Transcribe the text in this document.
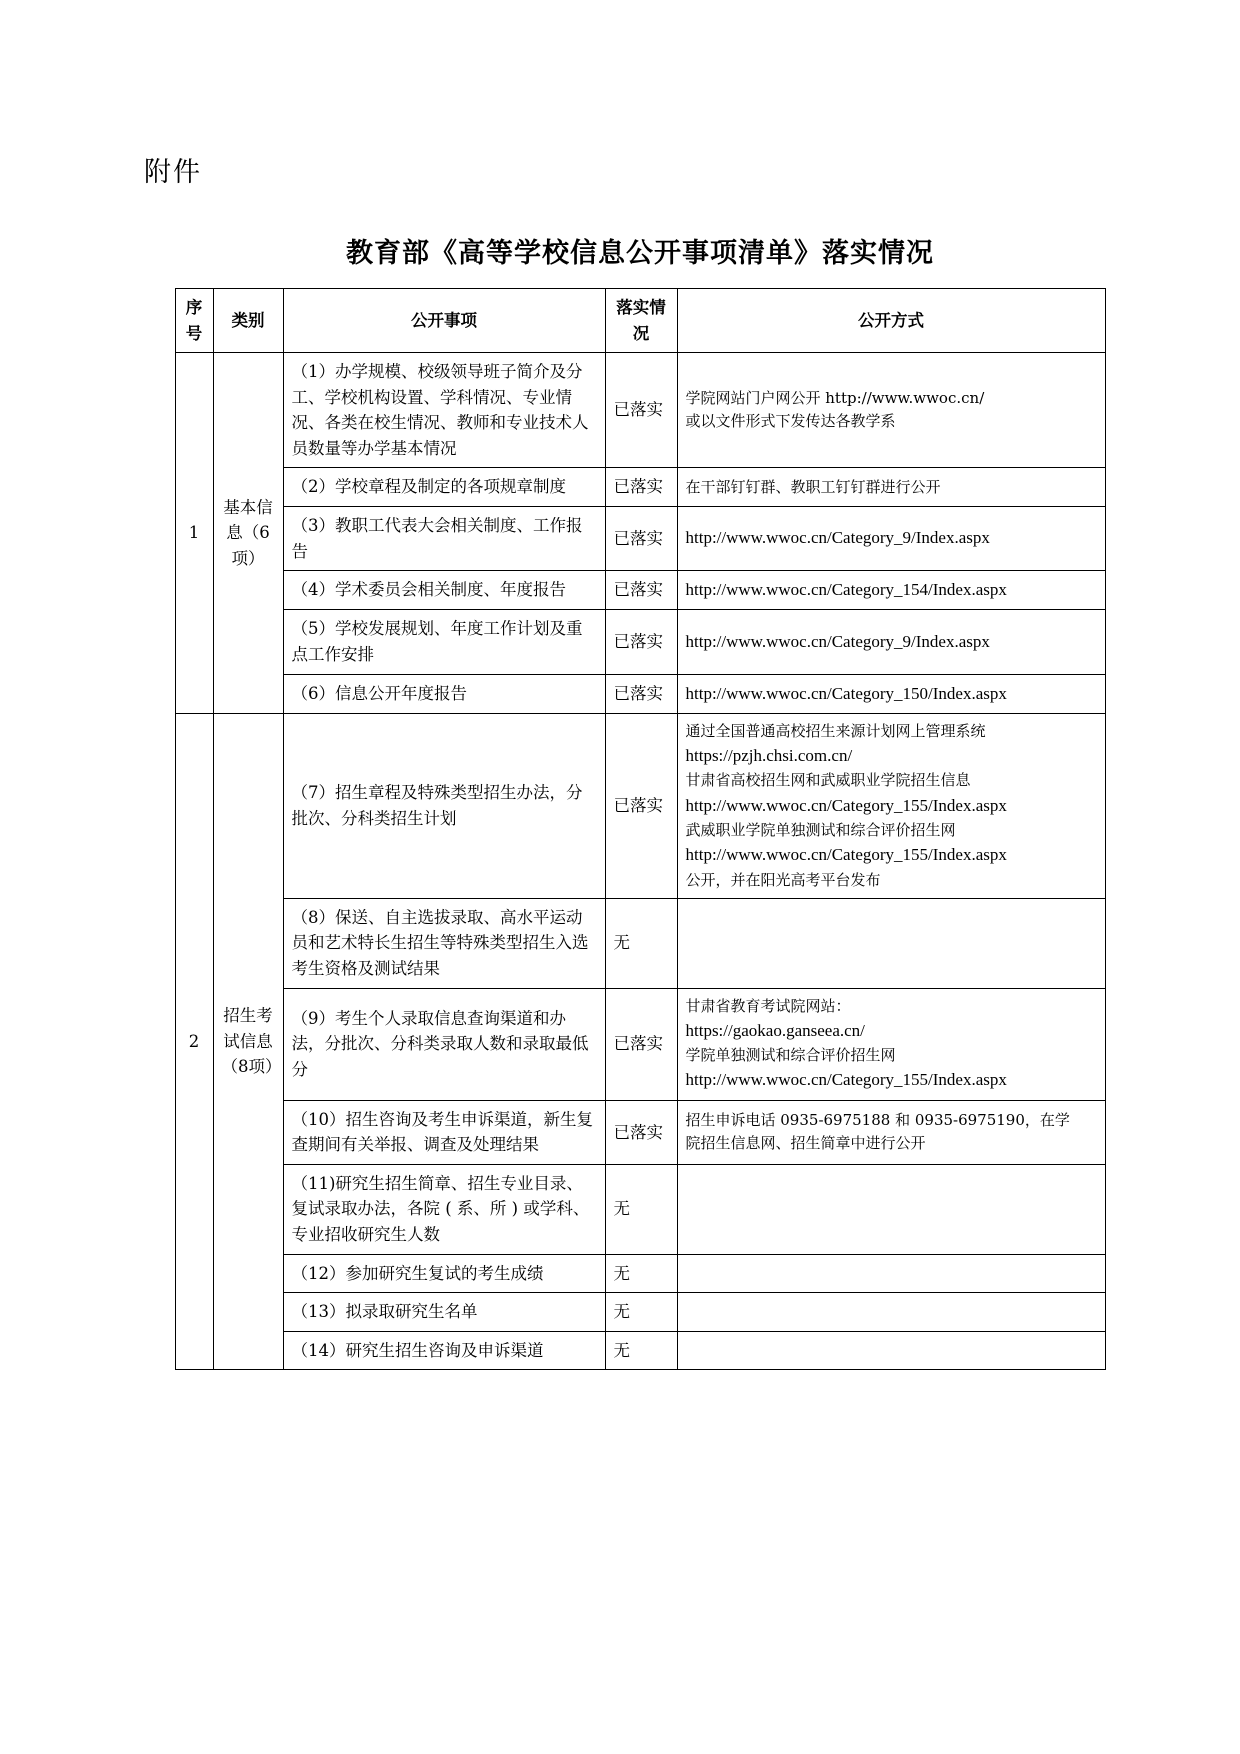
附件
教育部《高等学校信息公开事项清单》落实情况
序号	类别	公开事项	落实情况	公开方式
1	基本信息（6项）	（1）办学规模、校级领导班子简介及分工、学校机构设置、学科情况、专业情况、各类在校生情况、教师和专业技术人员数量等办学基本情况	已落实	学院网站门户网公开 http://www.wwoc.cn/
或以文件形式下发传达各教学系

		（2）学校章程及制定的各项规章制度	已落实	在干部钉钉群、教职工钉钉群进行公开

		（3）教职工代表大会相关制度、工作报告	已落实	http://www.wwoc.cn/Category_9/Index.aspx

		（4）学术委员会相关制度、年度报告	已落实	http://www.wwoc.cn/Category_154/Index.aspx

		（5）学校发展规划、年度工作计划及重点工作安排	已落实	http://www.wwoc.cn/Category_9/Index.aspx

		（6）信息公开年度报告	已落实	http://www.wwoc.cn/Category_150/Index.aspx

2	招生考试信息（8项）	（7）招生章程及特殊类型招生办法，分批次、分科类招生计划	已落实	
通过全国普通高校招生来源计划网上管理系统
https://pzjh.chsi.com.cn/
甘肃省高校招生网和武威职业学院招生信息
http://www.wwoc.cn/Category_155/Index.aspx
武威职业学院单独测试和综合评价招生网
http://www.wwoc.cn/Category_155/Index.aspx
公开，并在阳光高考平台发布

		（8）保送、自主选拔录取、高水平运动员和艺术特长生招生等特殊类型招生入选考生资格及测试结果	无	
		（9）考生个人录取信息查询渠道和办法，分批次、分科类录取人数和录取最低分	已落实	甘肃省教育考试院网站：
https://gaokao.ganseea.cn/
学院单独测试和综合评价招生网
http://www.wwoc.cn/Category_155/Index.aspx

		（10）招生咨询及考生申诉渠道，新生复查期间有关举报、调查及处理结果	已落实	招生申诉电话 0935-6975188 和 0935-6975190，在学
院招生信息网、招生简章中进行公开

		（11)研究生招生简章、招生专业目录、复试录取办法，各院 ( 系、所 ) 或学科、专业招收研究生人数	无	
		（12）参加研究生复试的考生成绩	无	
		（13）拟录取研究生名单	无	
		（14）研究生招生咨询及申诉渠道	无	
